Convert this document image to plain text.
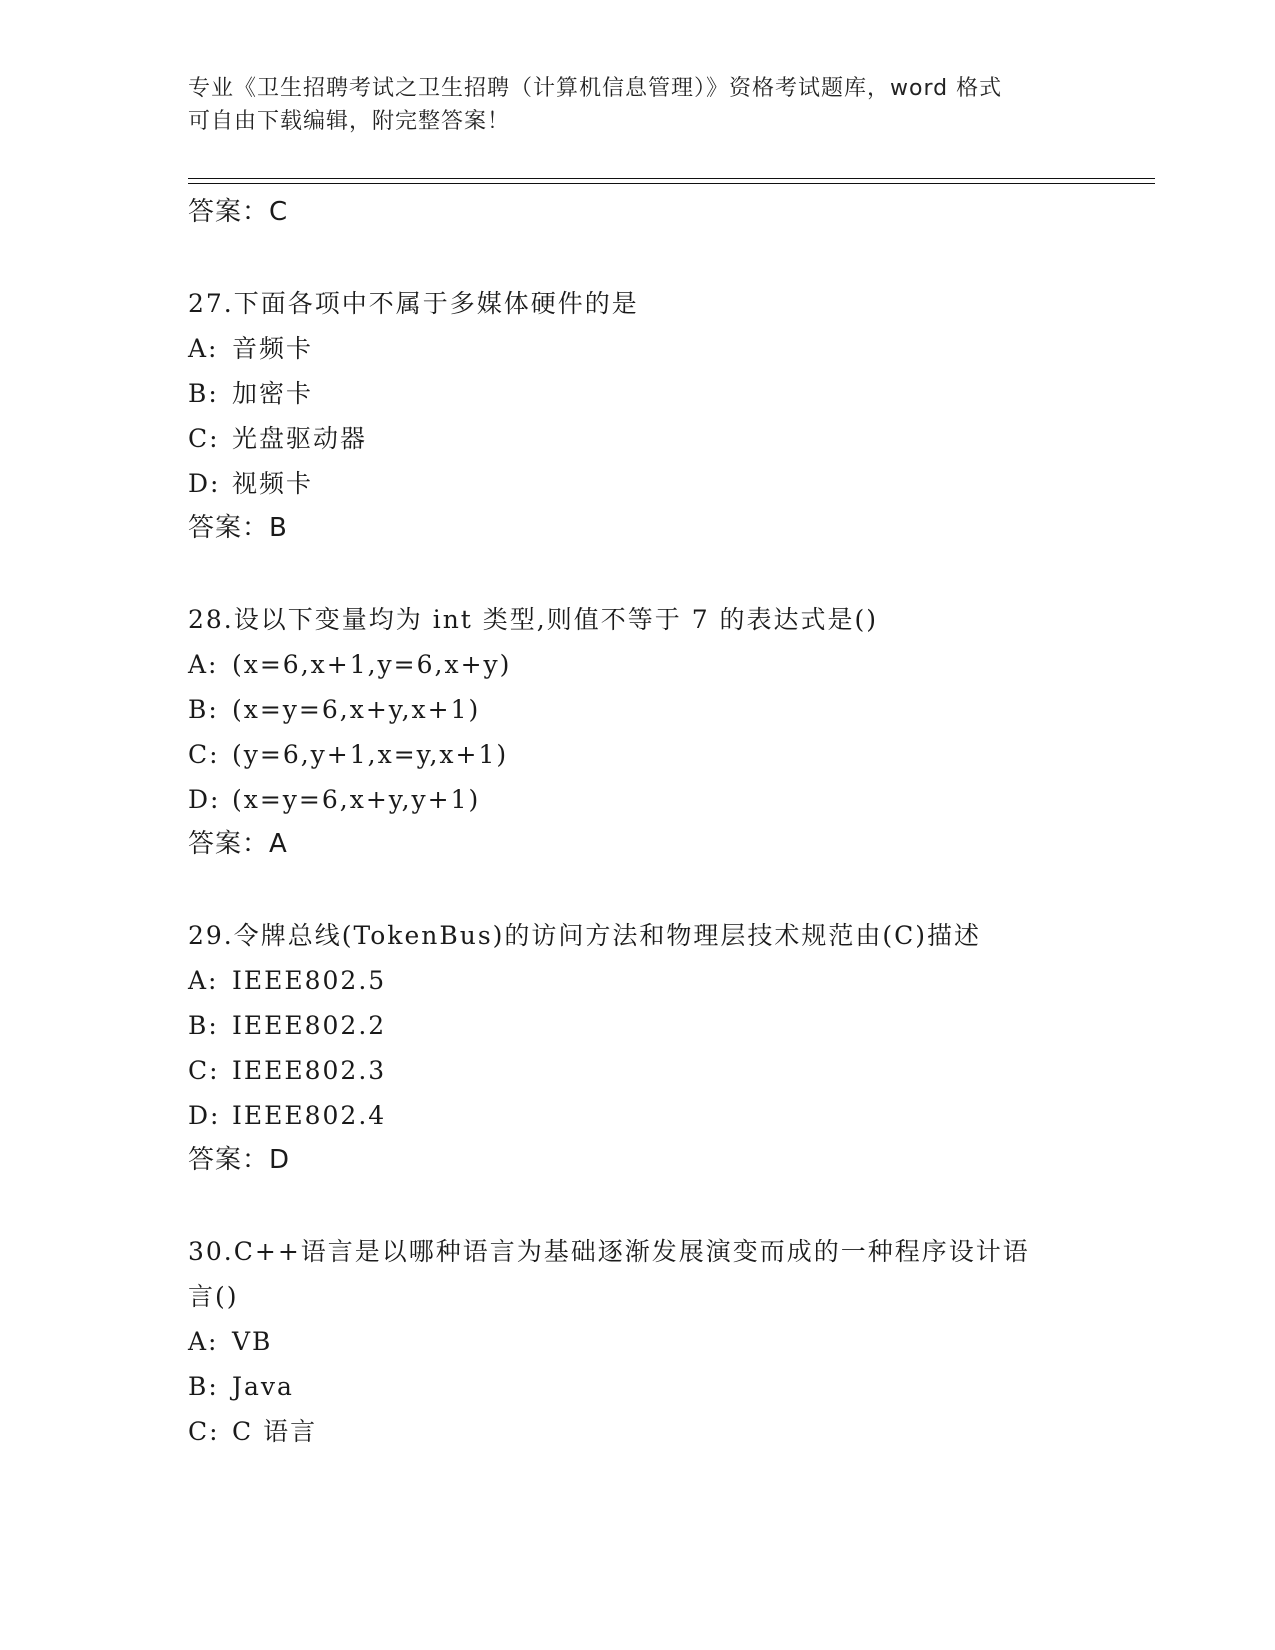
专业《卫生招聘考试之卫生招聘（计算机信息管理）》资格考试题库，word 格式
可自由下载编辑，附完整答案！
答案：C
27.下面各项中不属于多媒体硬件的是
A: 音频卡
B: 加密卡
C: 光盘驱动器
D: 视频卡
答案：B
28.设以下变量均为 int 类型,则值不等于 7 的表达式是()
A: (x=6,x+1,y=6,x+y)
B: (x=y=6,x+y,x+1)
C: (y=6,y+1,x=y,x+1)
D: (x=y=6,x+y,y+1)
答案：A
29.令牌总线(TokenBus)的访问方法和物理层技术规范由(C)描述
A: IEEE802.5
B: IEEE802.2
C: IEEE802.3
D: IEEE802.4
答案：D
30.C++语言是以哪种语言为基础逐渐发展演变而成的一种程序设计语
言()
A: VB
B: Java
C: C 语言
